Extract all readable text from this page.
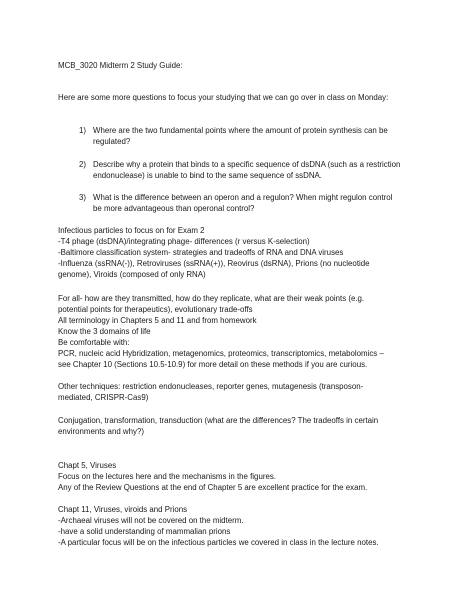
MCB_3020 Midterm 2 Study Guide:
Here are some more questions to focus your studying that we can go over in class on Monday:
1) Where are the two fundamental points where the amount of protein synthesis can be
regulated?
2) Describe why a protein that binds to a specific sequence of dsDNA (such as a restriction
endonuclease) is unable to bind to the same sequence of ssDNA.
3) What is the difference between an operon and a regulon? When might regulon control
be more advantageous than operonal control?
Infectious particles to focus on for Exam 2
-T4 phage (dsDNA)/integrating phage- differences (r versus K-selection)
-Baltimore classification system- strategies and tradeoffs of RNA and DNA viruses
-Influenza (ssRNA(-)), Retroviruses (ssRNA(+)), Reovirus (dsRNA), Prions (no nucleotide
genome), Viroids (composed of only RNA)
For all- how are they transmitted, how do they replicate, what are their weak points (e.g.
potential points for therapeutics), evolutionary trade-offs
All terminology in Chapters 5 and 11 and from homework
Know the 3 domains of life
Be comfortable with:
PCR, nucleic acid Hybridization, metagenomics, proteomics, transcriptomics, metabolomics –
see Chapter 10 (Sections 10.5-10.9) for more detail on these methods if you are curious.
Other techniques: restriction endonucleases, reporter genes, mutagenesis (transposon-
mediated, CRISPR-Cas9)
Conjugation, transformation, transduction (what are the differences? The tradeoffs in certain
environments and why?)
Chapt 5, Viruses
Focus on the lectures here and the mechanisms in the figures.
Any of the Review Questions at the end of Chapter 5 are excellent practice for the exam.
Chapt 11, Viruses, viroids and Prions
-Archaeal viruses will not be covered on the midterm.
-have a solid understanding of mammalian prions
-A particular focus will be on the infectious particles we covered in class in the lecture notes.
